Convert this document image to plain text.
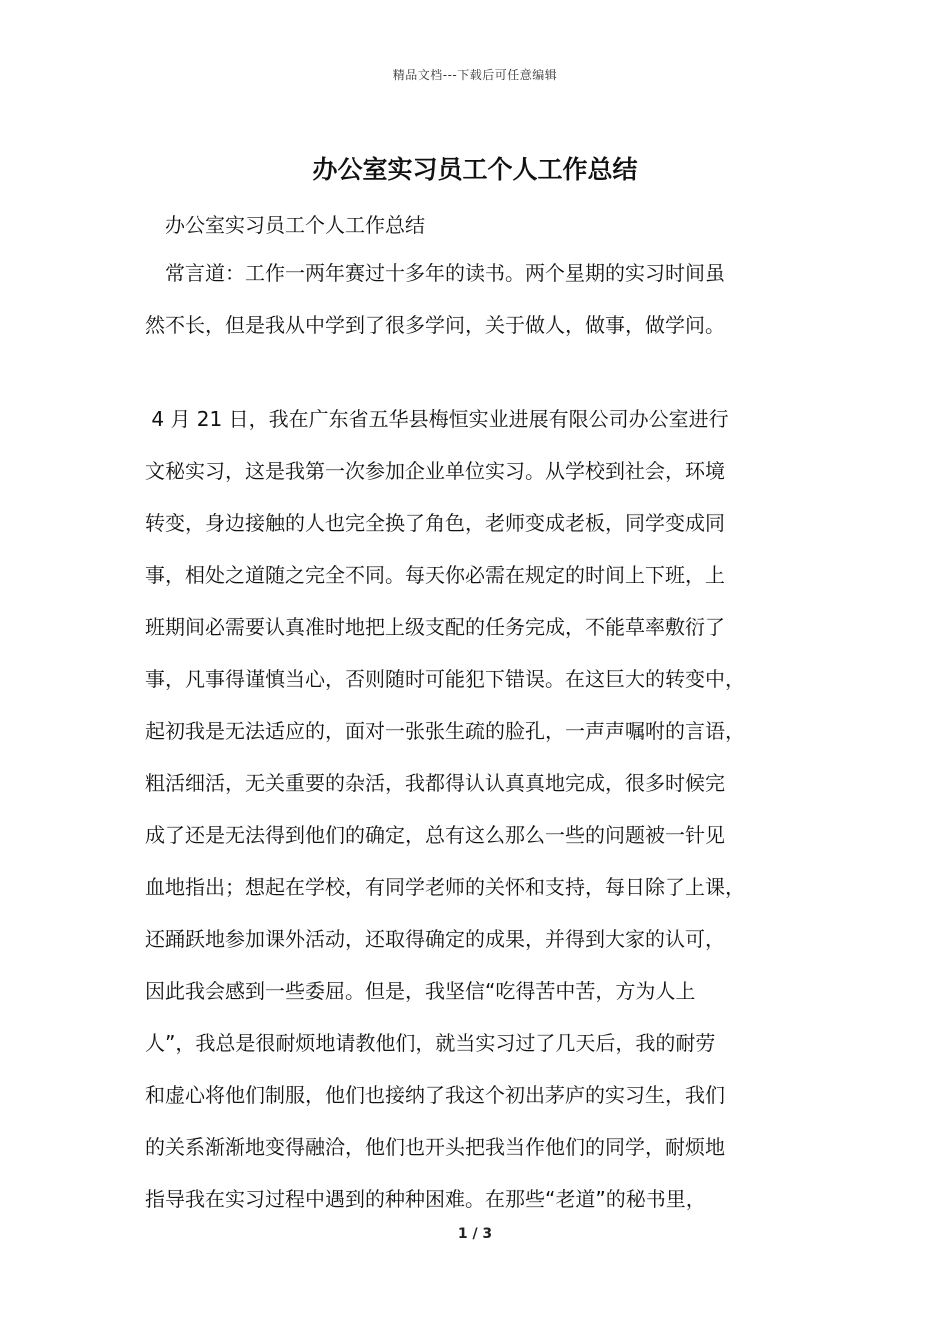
精品文档---下载后可任意编辑
办公室实习员工个人工作总结
办公室实习员工个人工作总结
　常言道：工作一两年赛过十多年的读书。两个星期的实习时间虽
然不长，但是我从中学到了很多学问，关于做人，做事，做学问。
4 月 21 日，我在广东省五华县梅恒实业进展有限公司办公室进行
文秘实习，这是我第一次参加企业单位实习。从学校到社会，环境
转变，身边接触的人也完全换了角色，老师变成老板，同学变成同
事，相处之道随之完全不同。每天你必需在规定的时间上下班，上
班期间必需要认真准时地把上级支配的任务完成，不能草率敷衍了
事，凡事得谨慎当心，否则随时可能犯下错误。在这巨大的转变中，
起初我是无法适应的，面对一张张生疏的脸孔，一声声嘱咐的言语，
粗活细活，无关重要的杂活，我都得认认真真地完成，很多时候完
成了还是无法得到他们的确定，总有这么那么一些的问题被一针见
血地指出；想起在学校，有同学老师的关怀和支持，每日除了上课，
还踊跃地参加课外活动，还取得确定的成果，并得到大家的认可，
因此我会感到一些委屈。但是，我坚信“吃得苦中苦，方为人上
人”，我总是很耐烦地请教他们，就当实习过了几天后，我的耐劳
和虚心将他们制服，他们也接纳了我这个初出茅庐的实习生，我们
的关系渐渐地变得融洽，他们也开头把我当作他们的同学，耐烦地
指导我在实习过程中遇到的种种困难。在那些“老道”的秘书里，
1 / 3
